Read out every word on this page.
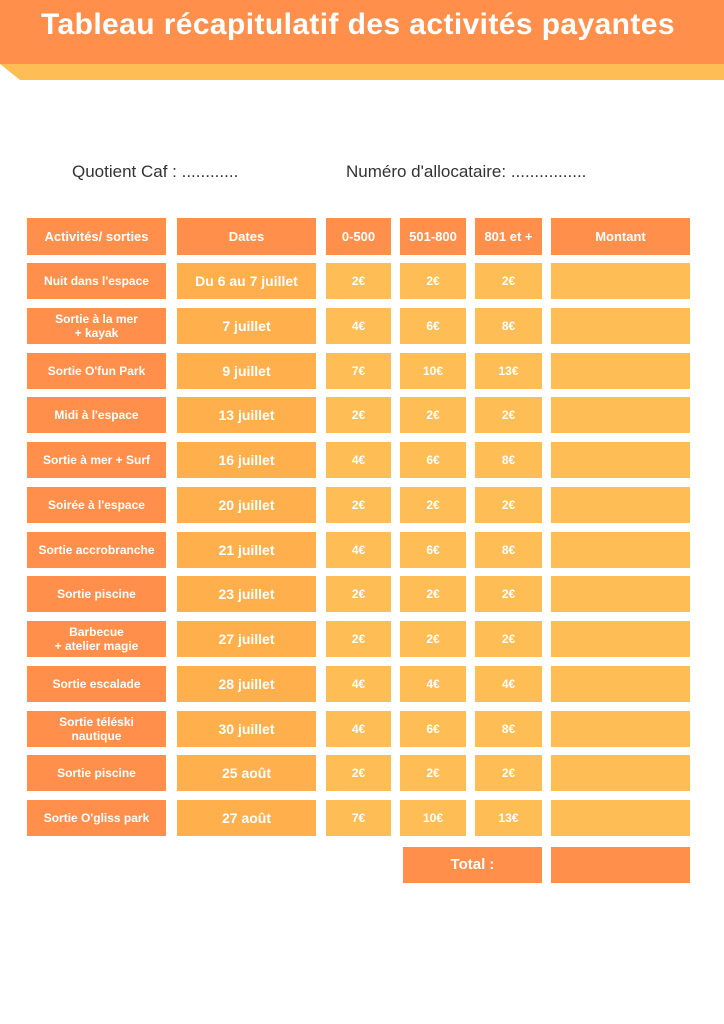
Tableau récapitulatif des activités payantes
Quotient Caf : ............	Numéro d'allocataire: ................
Activités/ sorties	Dates	0-500	501-800	801 et +	Montant
Nuit dans l'espace	Du 6 au 7 juillet	2€	2€	2€
Sortie à la mer
+ kayak	7 juillet	4€	6€	8€
Sortie O'fun Park	9 juillet	7€	10€	13€
Midi à l'espace	13 juillet	2€	2€	2€
Sortie à mer + Surf	16 juillet	4€	6€	8€
Soirée à l'espace	20 juillet	2€	2€	2€
Sortie accrobranche	21 juillet	4€	6€	8€
Sortie piscine	23 juillet	2€	2€	2€
Barbecue
+ atelier magie	27 juillet	2€	2€	2€
Sortie escalade	28 juillet	4€	4€	4€
Sortie téléski
nautique	30 juillet	4€	6€	8€
Sortie piscine	25 août	2€	2€	2€
Sortie O'gliss park	27 août	7€	10€	13€
Total :
